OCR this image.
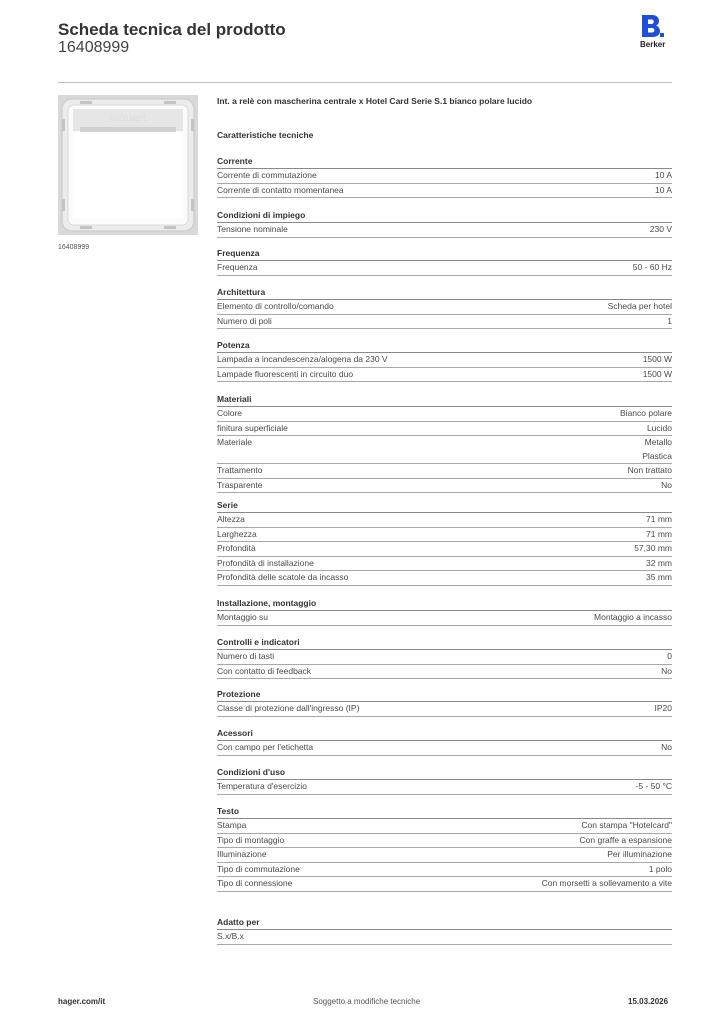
Scheda tecnica del prodotto
16408999	Berker
Hotelcard
16408999
Int. a relè con mascherina centrale x Hotel Card Serie S.1 bianco polare lucido
Caratteristiche tecniche
Corrente
Corrente di commutazione	10 A
Corrente di contatto momentanea	10 A
Condizioni di impiego
Tensione nominale	230 V
Frequenza
Frequenza	50 - 60 Hz
Architettura
Elemento di controllo/comando	Scheda per hotel
Numero di poli	1
Potenza
Lampada a incandescenza/alogena da 230 V	1500 W
Lampade fluorescenti in circuito duo	1500 W
Materiali
Colore	Bianco polare
finitura superficiale	Lucido
Materiale	Metallo
Plastica
Trattamento	Non trattato
Trasparente	No
Serie
Altezza	71 mm
Larghezza	71 mm
Profondità	57,30 mm
Profondità di installazione	32 mm
Profondità delle scatole da incasso	35 mm
Installazione, montaggio
Montaggio su	Montaggio a incasso
Controlli e indicatori
Numero di tasti	0
Con contatto di feedback	No
Protezione
Classe di protezione dall'ingresso (IP)	IP20
Acessori
Con campo per l'etichetta	No
Condizioni d'uso
Temperatura d'esercizio	-5 - 50 °C
Testo
Stampa	Con stampa "Hotelcard"
Tipo di montaggio	Con graffe a espansione
Illuminazione	Per illuminazione
Tipo di commutazione	1 polo
Tipo di connessione	Con morsetti a sollevamento a vite
Adatto per
S.x/B.x
hager.com/it	Soggetto a modifiche tecniche	15.03.2026
